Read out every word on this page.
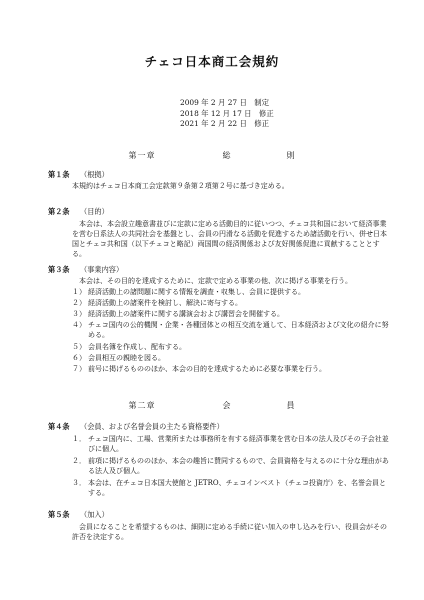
チェコ日本商工会規約
2009 年 2 月 27 日　制定
2018 年 12 月 17 日　修正
2021 年 2 月 22 日　修正
第一章	総	則
第１条 （根拠）
本規約はチェコ日本商工会定款第９条第２項第２号に基づき定める。
第２条 （目的）
本会は、本会設立趣意書並びに定款に定める活動目的に従いつつ、チェコ共和国において経済事業を営む日系法人の共同社会を基盤とし、会員の円滑なる活動を促進するため諸活動を行い、併せ日本国とチェコ共和国（以下チェコと略記）両国間の経済関係および友好関係促進に貢献することとする。
第３条 （事業内容）
本会は、その目的を達成するために、定款で定める事業の他、次に掲げる事業を行う。
１） 経済活動上の諸問題に関する情報を調査・収集し、会員に提供する。
２） 経済活動上の諸案件を検討し、解決に寄与する。
３） 経済活動上の諸案件に関する講演会および講習会を開催する。
４） チェコ国内の公的機関・企業・各種団体との相互交流を通して、日本経済および文化の紹介に努める。
５） 会員名簿を作成し、配布する。
６） 会員相互の親睦を図る。
７） 前号に掲げるもののほか、本会の目的を達成するために必要な事業を行う。
第二章	会	員
第４条 （会員、および名誉会員の主たる資格要件）
１． チェコ国内に、工場、営業所または事務所を有する経済事業を営む日本の法人及びその子会社並びに個人。
２． 前項に掲げるもののほか、本会の趣旨に賛同するもので、会員資格を与えるのに十分な理由がある法人及び個人。
３． 本会は、在チェコ日本国大使館と JETRO、チェコインベスト（チェコ投資庁）を、名誉会員とする。
第５条 （加入）
会員になることを希望するものは、細則に定める手続に従い加入の申し込みを行い、役員会がその許否を決定する。
